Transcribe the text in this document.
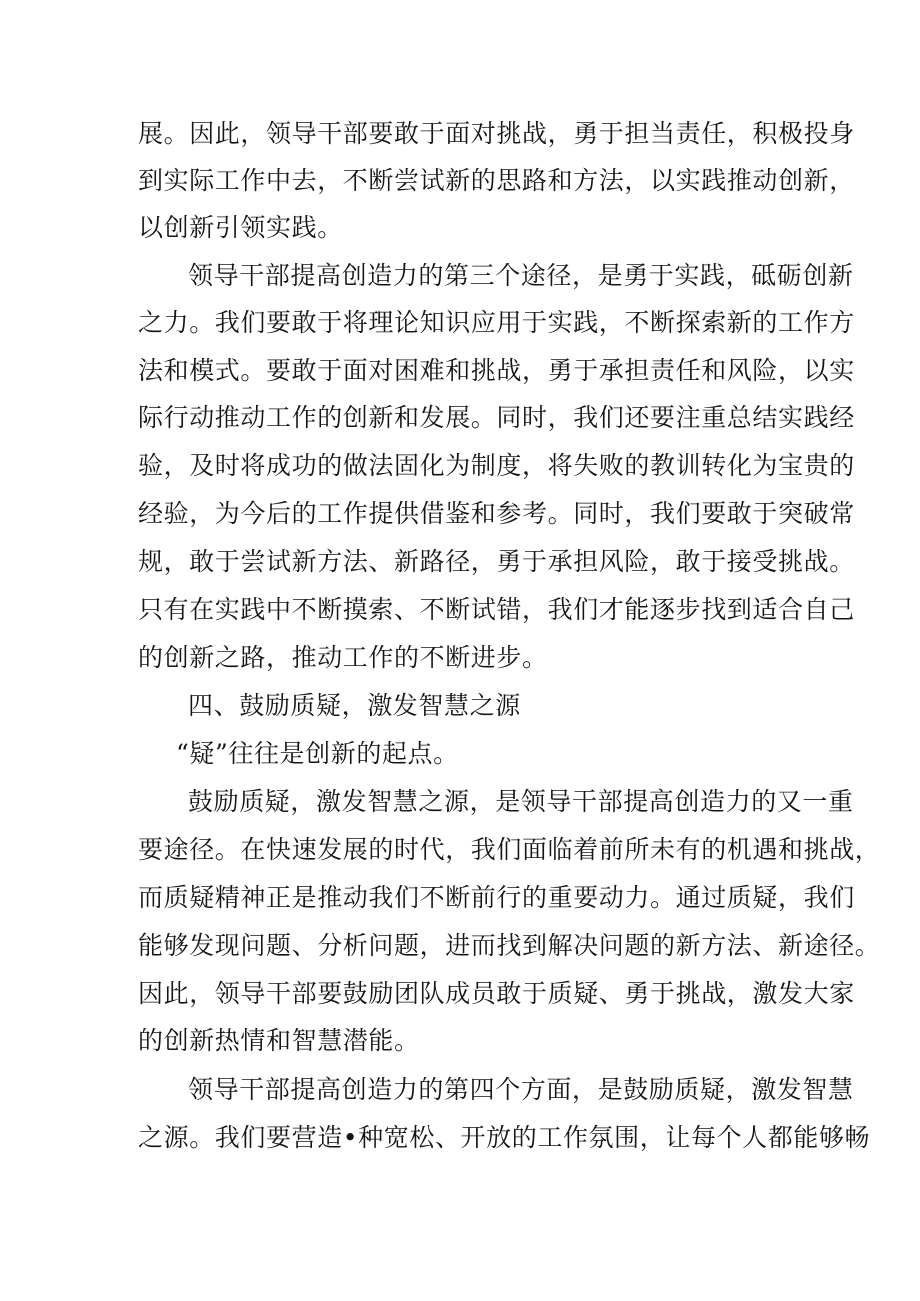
展。因此，领导干部要敢于面对挑战，勇于担当责任，积极投身
到实际工作中去，不断尝试新的思路和方法，以实践推动创新，
以创新引领实践。
领导干部提高创造力的第三个途径，是勇于实践，砥砺创新
之力。我们要敢于将理论知识应用于实践，不断探索新的工作方
法和模式。要敢于面对困难和挑战，勇于承担责任和风险，以实
际行动推动工作的创新和发展。同时，我们还要注重总结实践经
验，及时将成功的做法固化为制度，将失败的教训转化为宝贵的
经验，为今后的工作提供借鉴和参考。同时，我们要敢于突破常
规，敢于尝试新方法、新路径，勇于承担风险，敢于接受挑战。
只有在实践中不断摸索、不断试错，我们才能逐步找到适合自己
的创新之路，推动工作的不断进步。
四、鼓励质疑，激发智慧之源
“疑”往往是创新的起点。
鼓励质疑，激发智慧之源，是领导干部提高创造力的又一重
要途径。在快速发展的时代，我们面临着前所未有的机遇和挑战，
而质疑精神正是推动我们不断前行的重要动力。通过质疑，我们
能够发现问题、分析问题，进而找到解决问题的新方法、新途径。
因此，领导干部要鼓励团队成员敢于质疑、勇于挑战，激发大家
的创新热情和智慧潜能。
领导干部提高创造力的第四个方面，是鼓励质疑，激发智慧
之源。我们要营造•种宽松、开放的工作氛围，让每个人都能够畅
